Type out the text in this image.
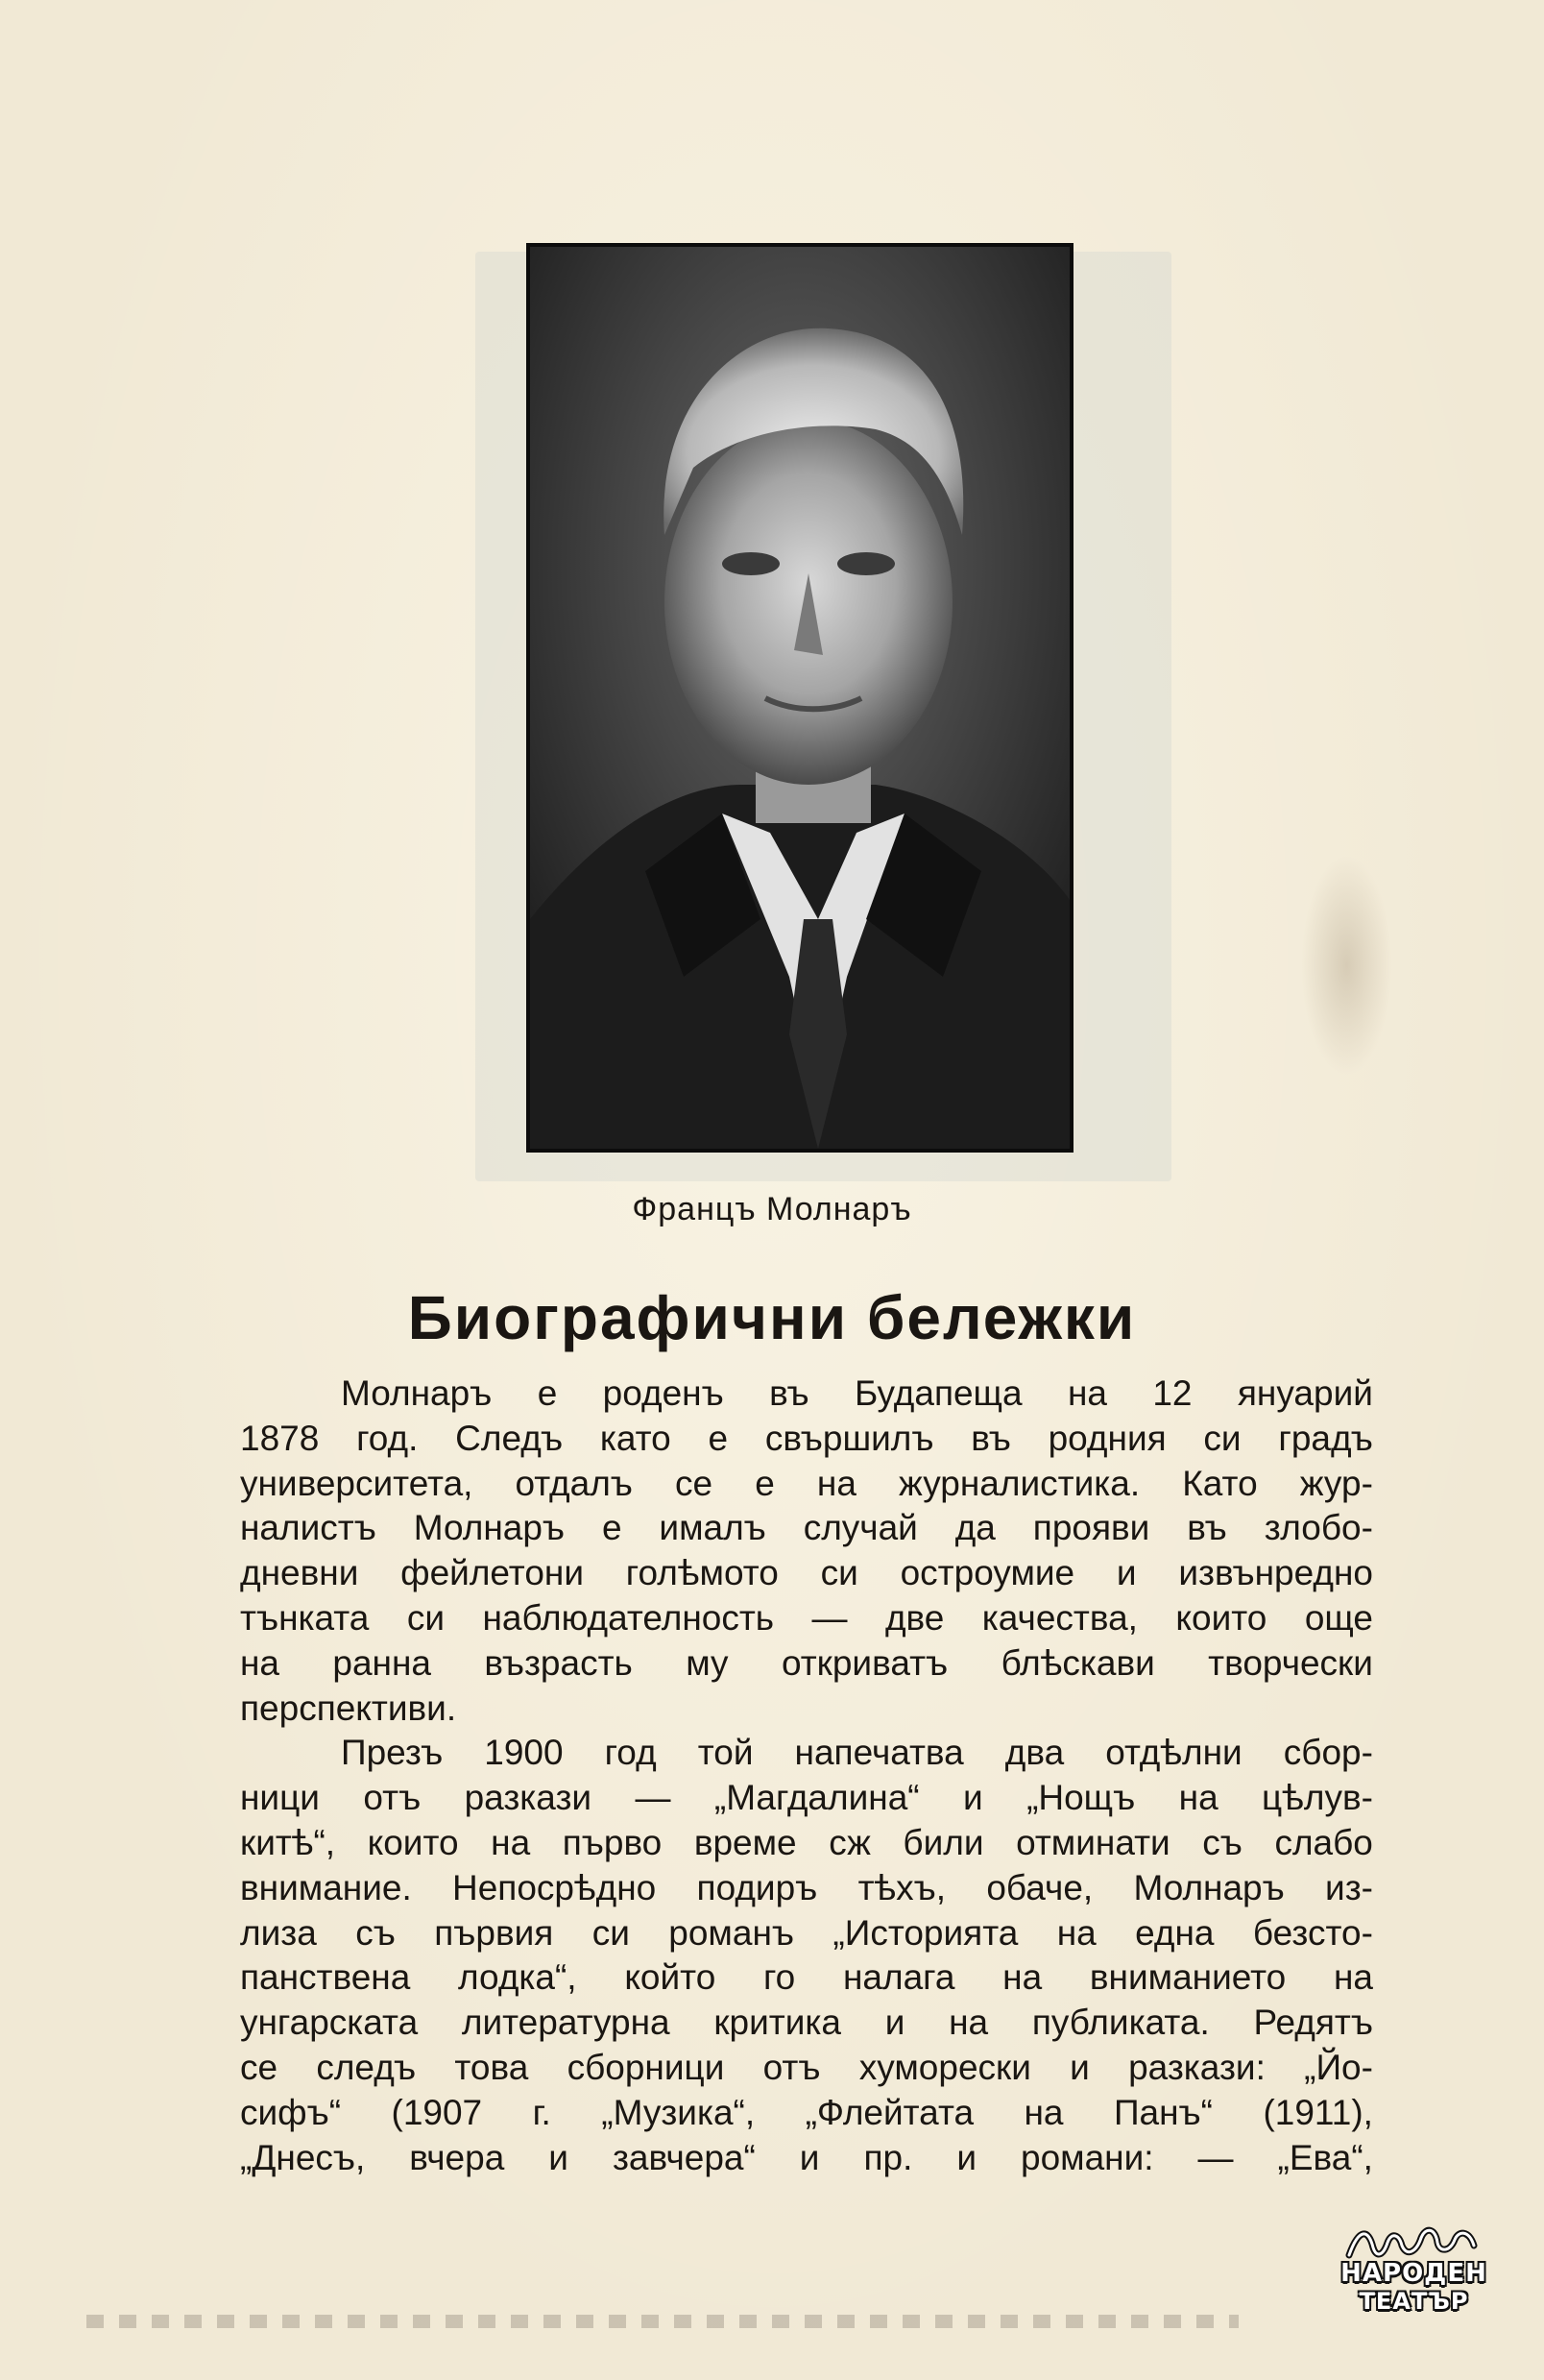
Францъ Молнаръ
Биографични бележки
Молнаръ е роденъ въ Будапеща на 12 януарий
1878 год. Следъ като е свършилъ въ родния си градъ
университета, отдалъ се е на журналистика. Като жур-
налистъ Молнаръ е ималъ случай да прояви въ злобо-
дневни фейлетони голѣмото си остроумие и извънредно
тънката си наблюдателность — две качества, които още
на ранна възрасть му откриватъ блѣскави творчески
перспективи.
Презъ 1900 год той напечатва два отдѣлни сбор-
ници отъ разкази — „Магдалина“ и „Нощъ на цѣлув-
китѣ“, които на първо време сж били отминати съ слабо
внимание. Непосрѣдно подиръ тѣхъ, обаче, Молнаръ из-
лиза съ първия си романъ „Историята на една безсто-
панствена лодка“, който го налага на вниманието на
унгарската литературна критика и на публиката. Редятъ
се следъ това сборници отъ хуморески и разкази: „Йо-
сифъ“ (1907 г. „Музика“, „Флейтата на Панъ“ (1911),
„Днесъ, вчера и завчера“ и пр. и романи: — „Ева“,
НАРОДЕН
ТЕАТЪР
